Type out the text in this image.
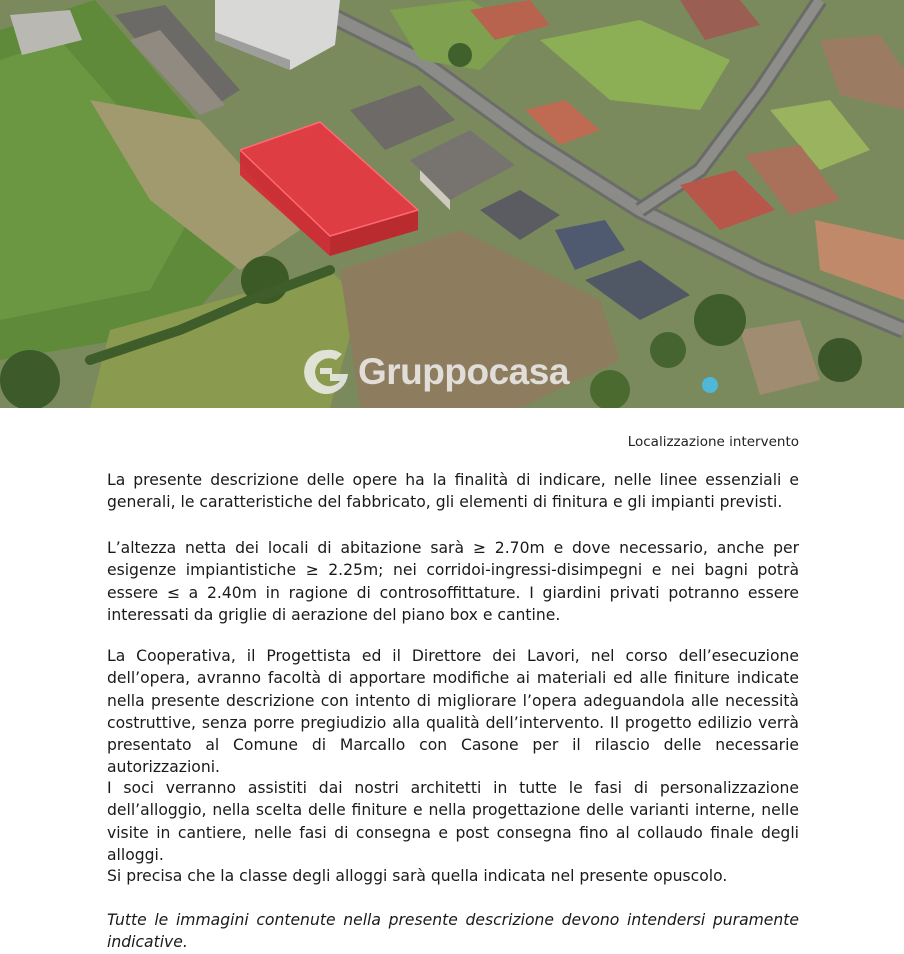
Gruppocasa
Localizzazione intervento

La presente descrizione delle opere ha la finalità di indicare, nelle linee essenziali e generali, le caratteristiche del fabbricato, gli elementi di finitura e gli impianti previsti.

L’altezza netta dei locali di abitazione sarà ≥ 2.70m e dove necessario, anche per esigenze impiantistiche ≥ 2.25m; nei corridoi-ingressi-disimpegni e nei bagni potrà essere ≤ a 2.40m in ragione di controsoffittature. I giardini privati potranno essere interessati da griglie di aerazione del piano box e cantine.

La Cooperativa, il Progettista ed il Direttore dei Lavori, nel corso dell’esecuzione dell’opera, avranno facoltà di apportare modifiche ai materiali ed alle finiture indicate nella presente descrizione con intento di migliorare l’opera adeguandola alle necessità costruttive, senza porre pregiudizio alla qualità dell’intervento. Il progetto edilizio verrà presentato al Comune di Marcallo con Casone per il rilascio delle necessarie autorizzazioni.

I soci verranno assistiti dai nostri architetti in tutte le fasi di personalizzazione dell’alloggio, nella scelta delle finiture e nella progettazione delle varianti interne, nelle visite in cantiere, nelle fasi di consegna e post consegna fino al collaudo finale degli alloggi.

Si precisa che la classe degli alloggi sarà quella indicata nel presente opuscolo.

Tutte le immagini contenute nella presente descrizione devono intendersi puramente indicative.
